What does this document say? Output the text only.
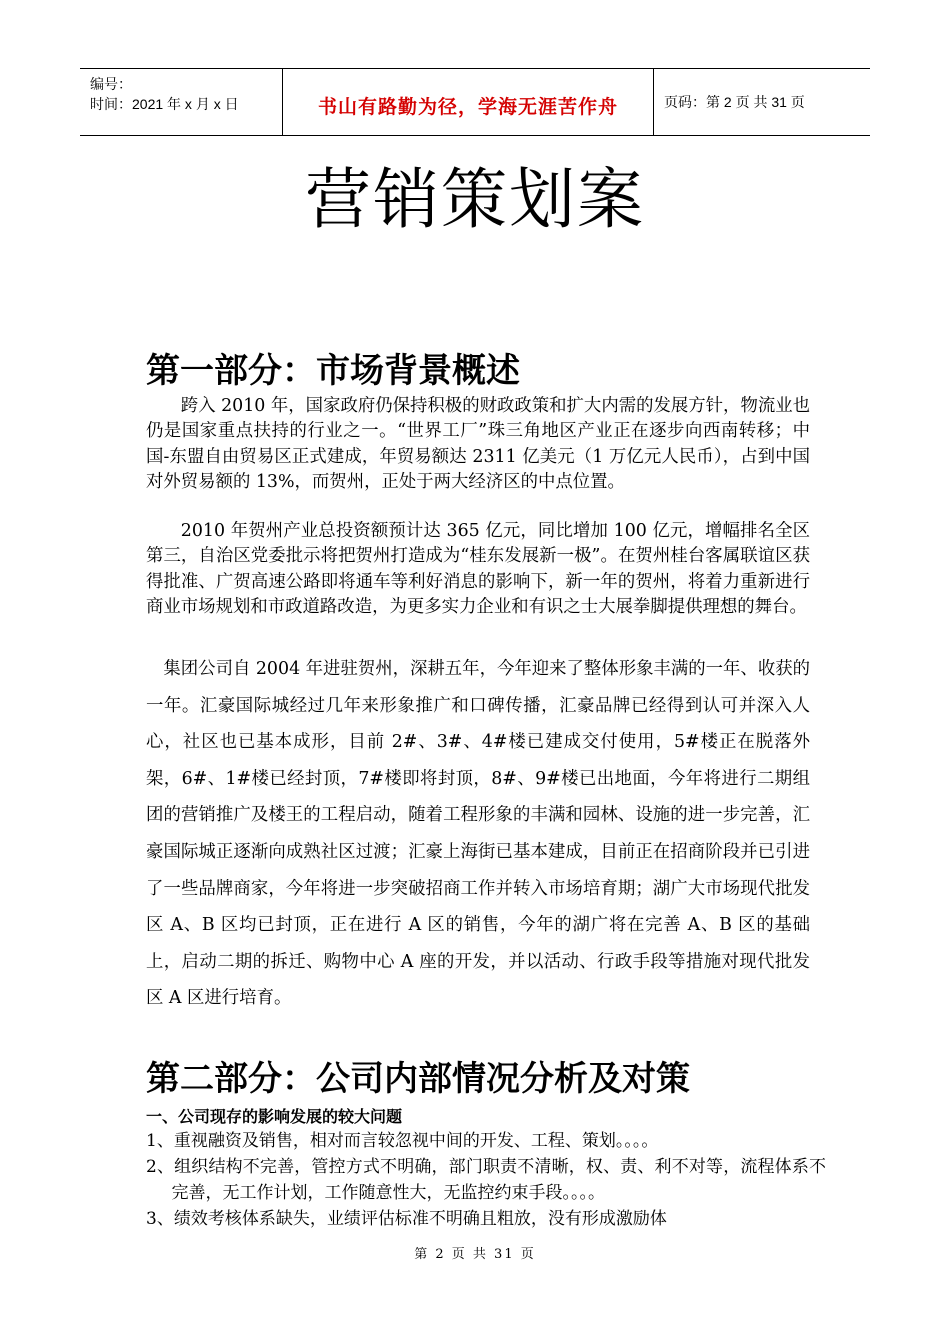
编号：
时间：2021 年 x 月 x 日	书山有路勤为径，学海无涯苦作舟	页码：第 2 页 共 31 页
营销策划案
第一部分：市场背景概述

跨入 2010 年，国家政府仍保持积极的财政政策和扩大内需的发展方针，物流业也仍是国家重点扶持的行业之一。“世界工厂”珠三角地区产业正在逐步向西南转移；中国-东盟自由贸易区正式建成，年贸易额达 2311 亿美元（1 万亿元人民币），占到中国对外贸易额的 13%，而贺州，正处于两大经济区的中点位置。

2010 年贺州产业总投资额预计达 365 亿元，同比增加 100 亿元，增幅排名全区第三，自治区党委批示将把贺州打造成为“桂东发展新一极”。在贺州桂台客属联谊区获得批准、广贺高速公路即将通车等利好消息的影响下，新一年的贺州，将着力重新进行商业市场规划和市政道路改造，为更多实力企业和有识之士大展拳脚提供理想的舞台。

集团公司自 2004 年进驻贺州，深耕五年，今年迎来了整体形象丰满的一年、收获的一年。汇豪国际城经过几年来形象推广和口碑传播，汇豪品牌已经得到认可并深入人心，社区也已基本成形，目前 2#、3#、4#楼已建成交付使用，5#楼正在脱落外架，6#、1#楼已经封顶，7#楼即将封顶，8#、9#楼已出地面，今年将进行二期组团的营销推广及楼王的工程启动，随着工程形象的丰满和园林、设施的进一步完善，汇豪国际城正逐渐向成熟社区过渡；汇豪上海街已基本建成，目前正在招商阶段并已引进了一些品牌商家，今年将进一步突破招商工作并转入市场培育期；湖广大市场现代批发区 A、B 区均已封顶，正在进行 A 区的销售，今年的湖广将在完善 A、B 区的基础上，启动二期的拆迁、购物中心 A 座的开发，并以活动、行政手段等措施对现代批发区 A 区进行培育。

第二部分：公司内部情况分析及对策
一、公司现存的影响发展的较大问题
1、重视融资及销售，相对而言较忽视中间的开发、工程、策划。。。。
2、组织结构不完善，管控方式不明确，部门职责不清晰，权、责、利不对等，流程体系不完善，无工作计划，工作随意性大，无监控约束手段。。。。
3、绩效考核体系缺失，业绩评估标准不明确且粗放，没有形成激励体
第 2 页 共 31 页
